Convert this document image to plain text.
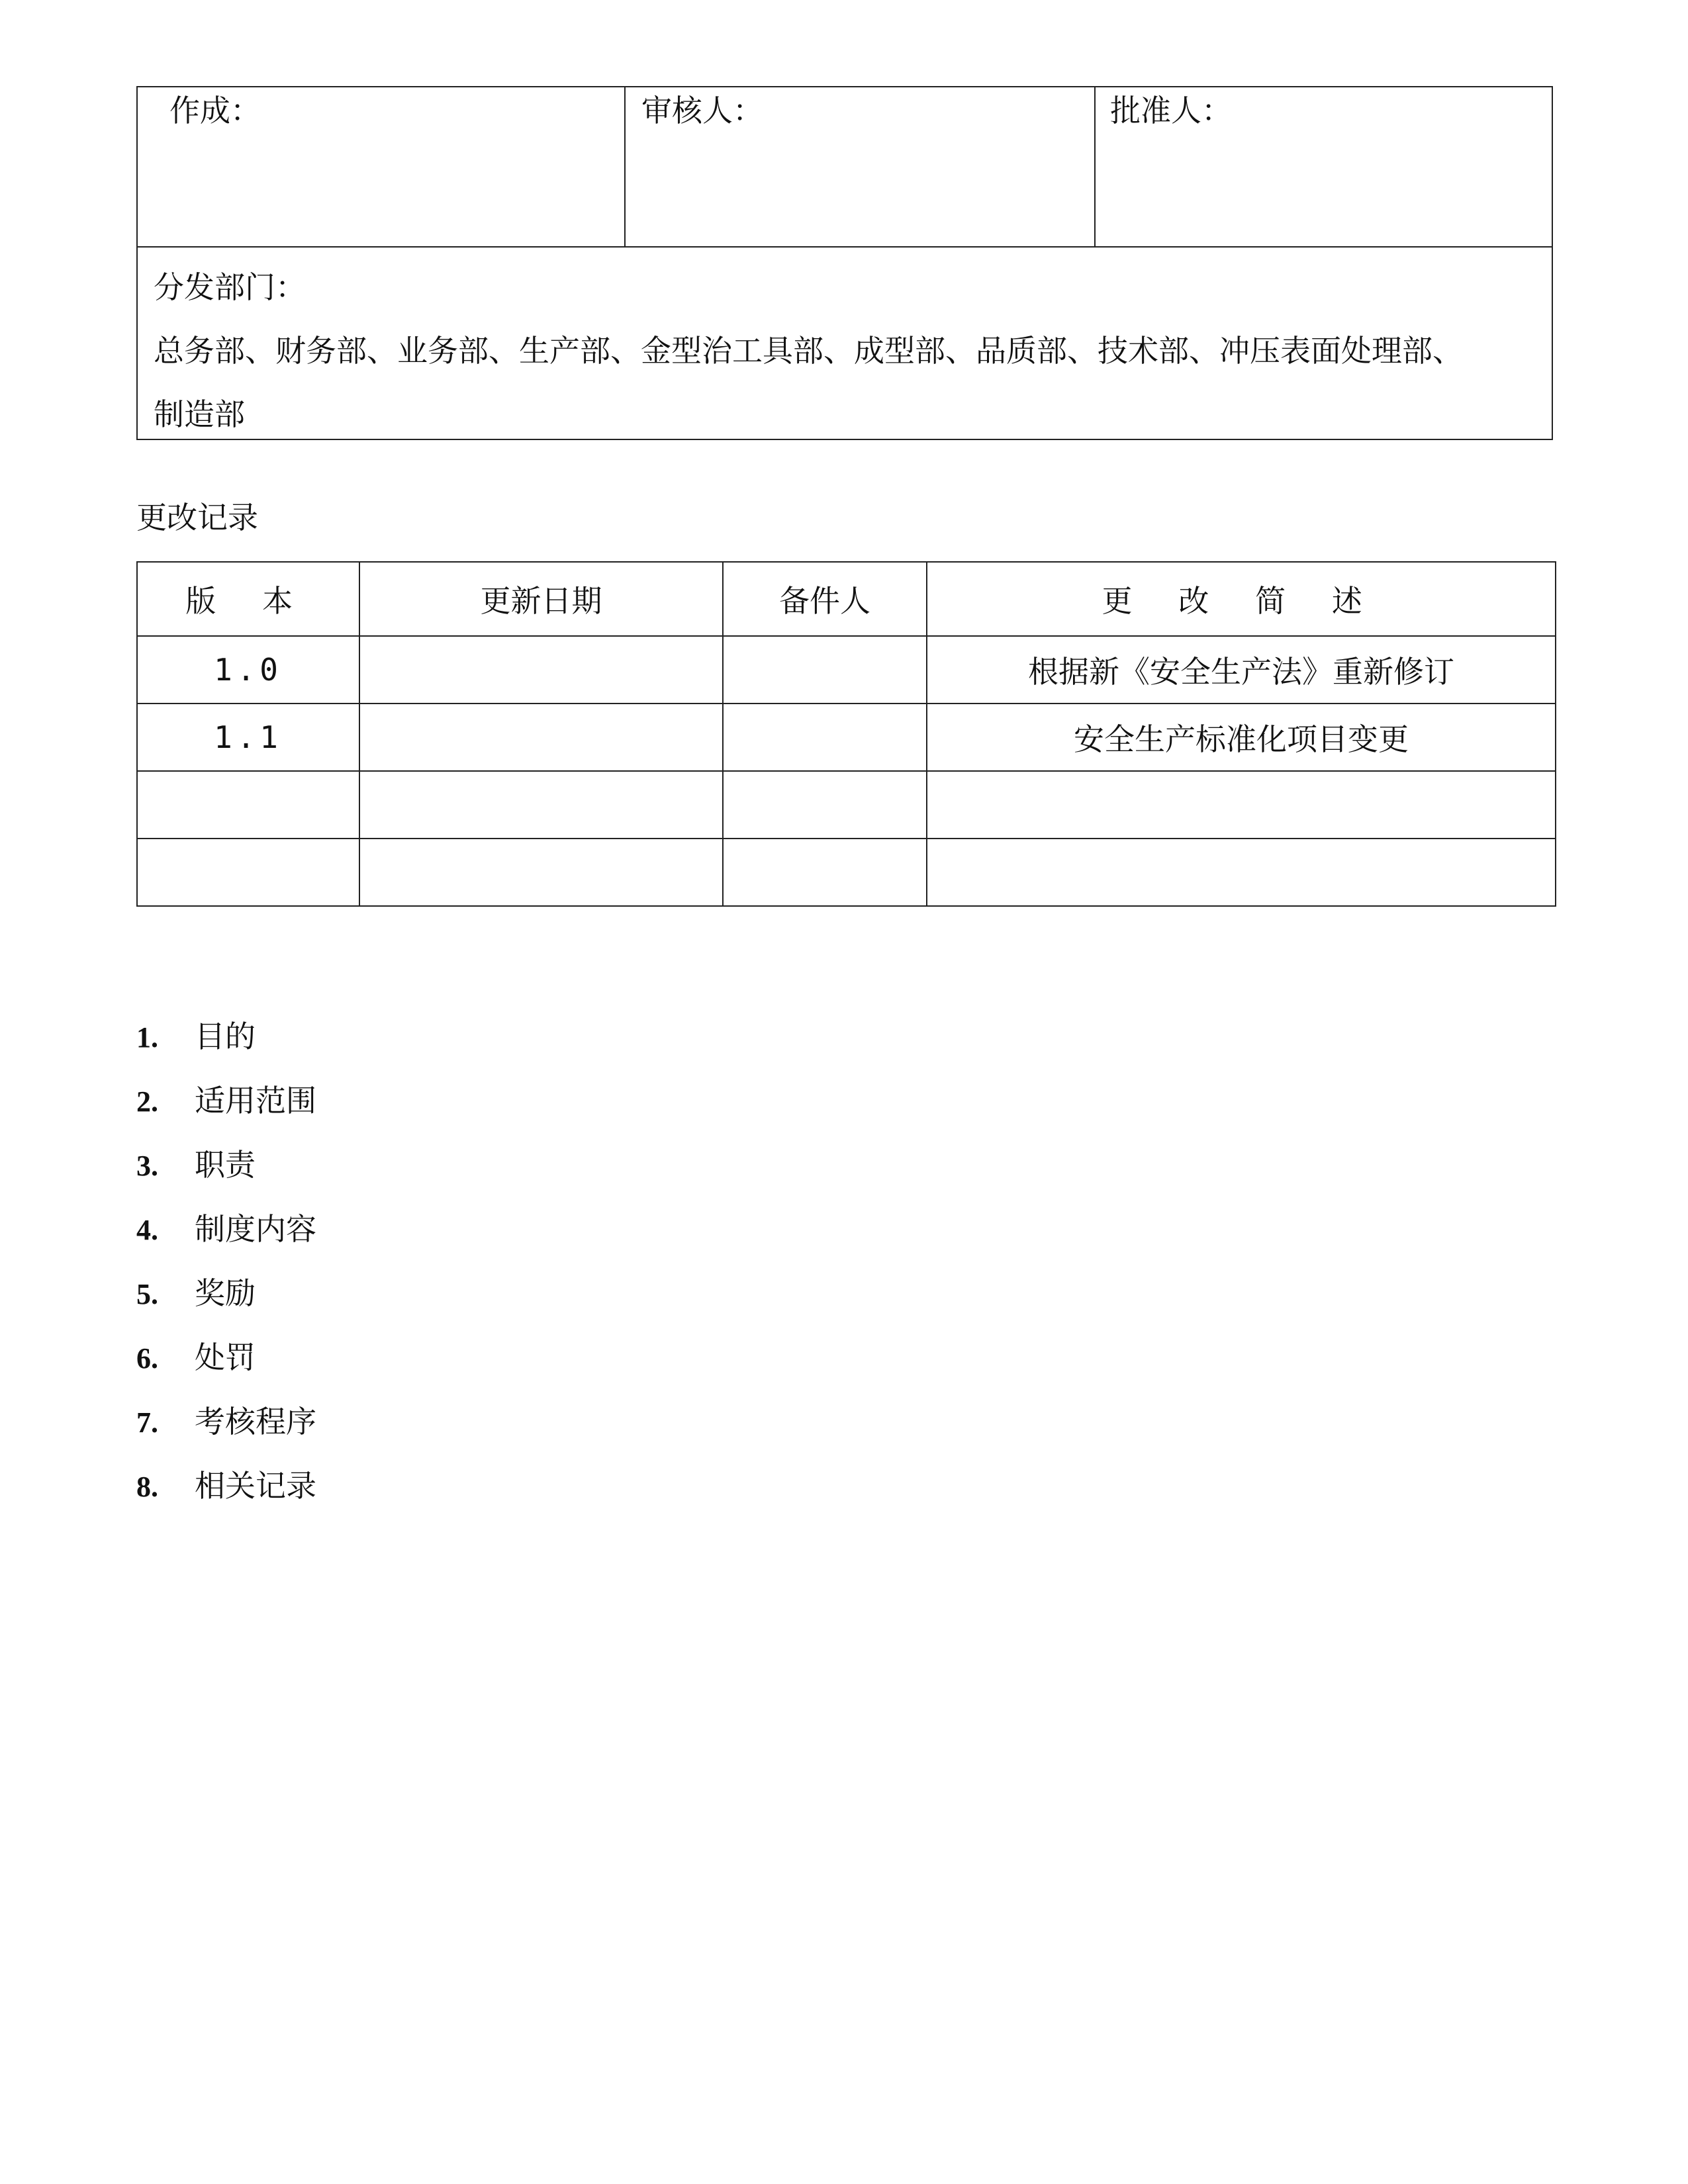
作成：	审核人：	批准人：
分发部门：
总务部、财务部、业务部、生产部、金型治工具部、成型部、品质部、技术部、冲压表面处理部、
制造部
更改记录
版 本	更新日期	备件人	更 改 简 述
1.0			根据新《安全生产法》重新修订
1.1			安全生产标准化项目变更

1. 目的
2. 适用范围
3. 职责
4. 制度内容
5. 奖励
6. 处罚
7. 考核程序
8. 相关记录
